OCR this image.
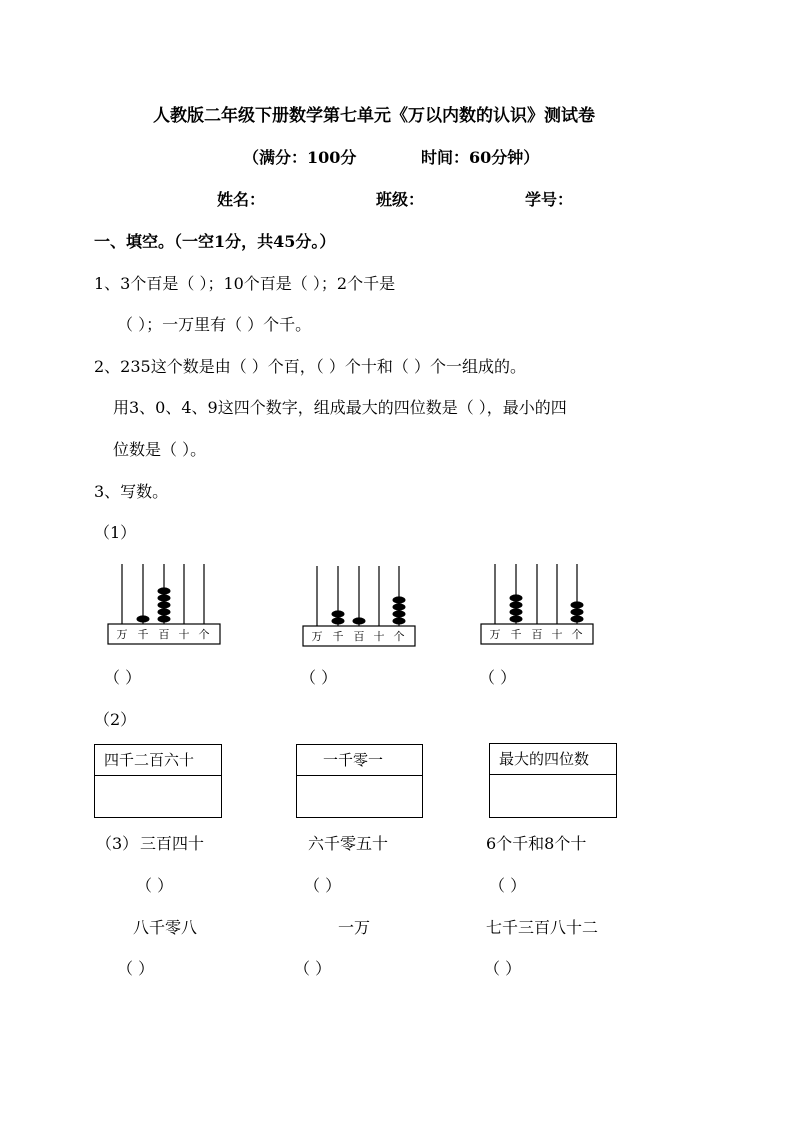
人教版二年级下册数学第七单元《万以内数的认识》测试卷
（满分：100分	时间：60分钟）
姓名：	班级：	学号：
一、填空。（一空1分，共45分。）
1、3个百是（ ）；10个百是（ ）；2个千是
（ ）；一万里有（ ）个千。
2、235这个数是由（ ）个百，（ ）个十和（ ）个一组成的。
用3、0、4、9这四个数字，组成最大的四位数是（ ），最小的四
位数是（ ）。
3、写数。
（1）
万 千 百 十 个	万 千 百 十 个	万 千 百 十 个
（ ）	（ ）	（ ）
（2）
四千二百六十	一千零一	最大的四位数
（3） 三百四十	六千零五十	6个千和8个十
（ ）	（ ）	（ ）
八千零八	一万	七千三百八十二
（ ）	（ ）	（ ）
